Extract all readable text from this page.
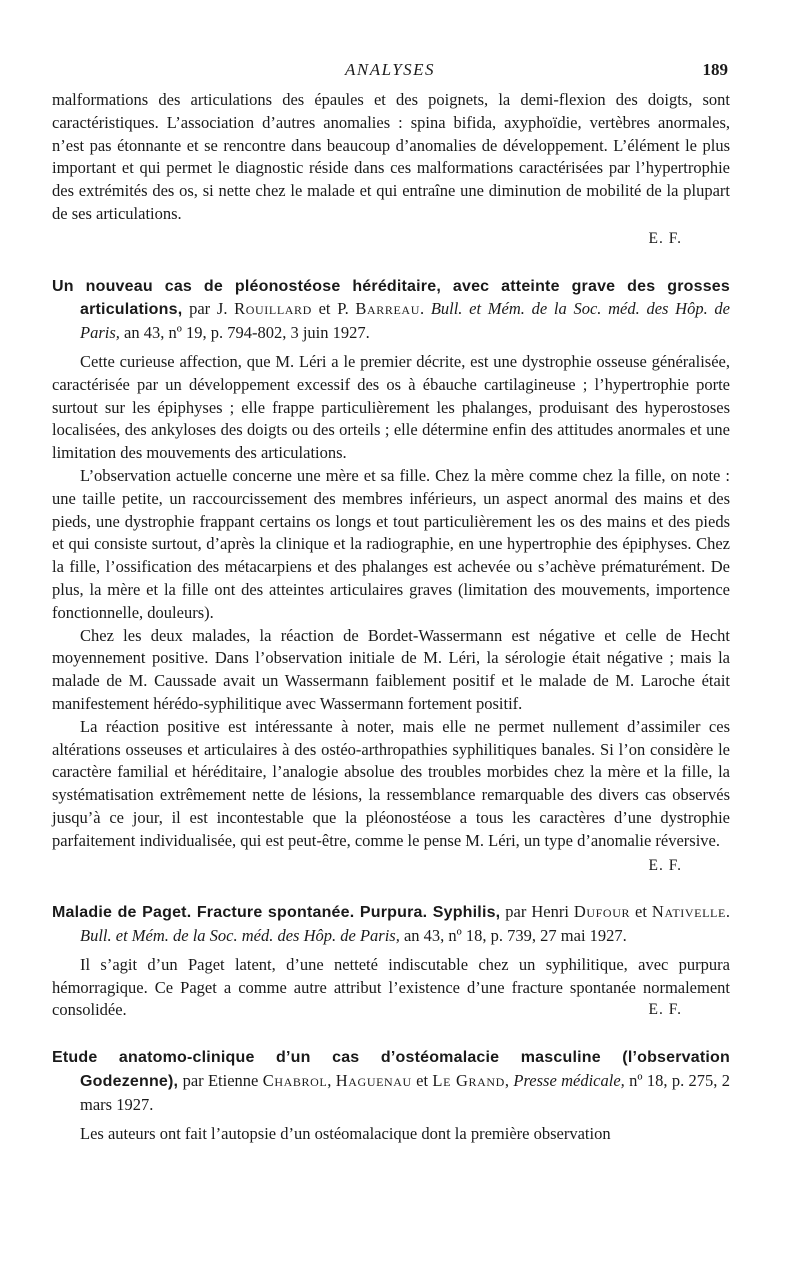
ANALYSES	189

malformations des articulations des épaules et des poignets, la demi-flexion des doigts, sont caractéristiques. L’association d’autres anomalies : spina bifida, axyphoïdie, vertèbres anormales, n’est pas étonnante et se rencontre dans beaucoup d’anomalies de développement. L’élément le plus important et qui permet le diagnostic réside dans ces malformations caractérisées par l’hypertrophie des extrémités des os, si nette chez le malade et qui entraîne une diminution de mobilité de la plupart de ses articulations.

E. F.

Un nouveau cas de pléonostéose héréditaire, avec atteinte grave des grosses articulations, par J. Rouillard et P. Barreau. Bull. et Mém. de la Soc. méd. des Hôp. de Paris, an 43, nº 19, p. 794-802, 3 juin 1927.

Cette curieuse affection, que M. Léri a le premier décrite, est une dystrophie osseuse généralisée, caractérisée par un développement excessif des os à ébauche cartilagineuse ; l’hypertrophie porte surtout sur les épiphyses ; elle frappe particulièrement les phalanges, produisant des hyperostoses localisées, des ankyloses des doigts ou des orteils ; elle détermine enfin des attitudes anormales et une limitation des mouvements des articulations.

L’observation actuelle concerne une mère et sa fille. Chez la mère comme chez la fille, on note : une taille petite, un raccourcissement des membres inférieurs, un aspect anormal des mains et des pieds, une dystrophie frappant certains os longs et tout particulièrement les os des mains et des pieds et qui consiste surtout, d’après la clinique et la radiographie, en une hypertrophie des épiphyses. Chez la fille, l’ossification des métacarpiens et des phalanges est achevée ou s’achève prématurément. De plus, la mère et la fille ont des atteintes articulaires graves (limitation des mouvements, importence fonctionnelle, douleurs).

Chez les deux malades, la réaction de Bordet-Wassermann est négative et celle de Hecht moyennement positive. Dans l’observation initiale de M. Léri, la sérologie était négative ; mais la malade de M. Caussade avait un Wassermann faiblement positif et le malade de M. Laroche était manifestement hérédo-syphilitique avec Wassermann fortement positif.

La réaction positive est intéressante à noter, mais elle ne permet nullement d’assimiler ces altérations osseuses et articulaires à des ostéo-arthropathies syphilitiques banales. Si l’on considère le caractère familial et héréditaire, l’analogie absolue des troubles morbides chez la mère et la fille, la systématisation extrêmement nette de lésions, la ressemblance remarquable des divers cas observés jusqu’à ce jour, il est incontestable que la pléonostéose a tous les caractères d’une dystrophie parfaitement individualisée, qui est peut-être, comme le pense M. Léri, un type d’anomalie réversive.

E. F.

Maladie de Paget. Fracture spontanée. Purpura. Syphilis, par Henri Dufour et Nativelle. Bull. et Mém. de la Soc. méd. des Hôp. de Paris, an 43, nº 18, p. 739, 27 mai 1927.

Il s’agit d’un Paget latent, d’une netteté indiscutable chez un syphilitique, avec purpura hémorragique. Ce Paget a comme autre attribut l’existence d’une fracture spontanée normalement consolidée.	E. F.

Etude anatomo-clinique d’un cas d’ostéomalacie masculine (l’observation Godezenne), par Etienne Chabrol, Haguenau et Le Grand, Presse médicale, nº 18, p. 275, 2 mars 1927.

Les auteurs ont fait l’autopsie d’un ostéomalacique dont la première observation
